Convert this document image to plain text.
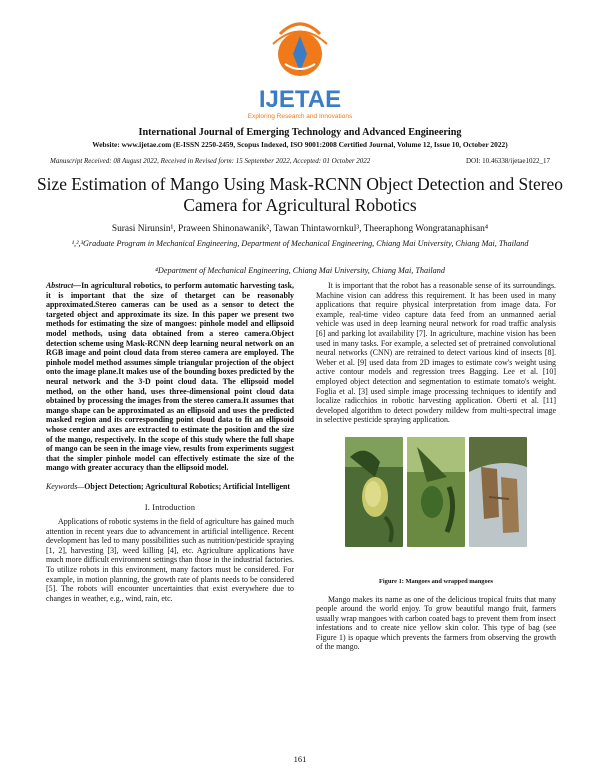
IJETAE
Exploring Research and Innovations
International Journal of Emerging Technology and Advanced Engineering
Website: www.ijetae.com (E-ISSN 2250-2459, Scopus Indexed, ISO 9001:2008 Certified Journal, Volume 12, Issue 10, October 2022)
Manuscript Received: 08 August 2022, Received in Revised form: 15 September 2022, Accepted: 01 October 2022	DOI: 10.46338/ijetae1022_17
Size Estimation of Mango Using Mask-RCNN Object Detection and Stereo Camera for Agricultural Robotics
Surasi Nirunsin¹, Praween Shinonawanik², Tawan Thintawornkul³, Theeraphong Wongratanaphisan⁴
¹,²,³Graduate Program in Mechanical Engineering, Department of Mechanical Engineering, Chiang Mai University, Chiang Mai, Thailand
⁴Department of Mechanical Engineering, Chiang Mai University, Chiang Mai, Thailand
Abstract—In agricultural robotics, to perform automatic harvesting task, it is important that the size of thetarget can be reasonably approximated.Stereo cameras can be used as a sensor to detect the targeted object and approximate its size. In this paper we present two methods for estimating the size of mangoes: pinhole model and ellipsoid model methods, using data obtained from a stereo camera.Object detection scheme using Mask-RCNN deep learning neural network on an RGB image and point cloud data from stereo camera are employed. The pinhole model method assumes simple triangular projection of the object onto the image plane.It makes use of the bounding boxes predicted by the neural network and the 3-D point cloud data. The ellipsoid model method, on the other hand, uses three-dimensional point cloud data obtained by processing the images from the stereo camera.It assumes that mango shape can be approximated as an ellipsoid and uses the predicted masked region and its corresponding point cloud data to fit an ellipsoid whose center and axes are extracted to estimate the position and the size of the mango, respectively. In the scope of this study where the full shape of mango can be seen in the image view, results from experiments suggest that the simpler pinhole model can effectively estimate the size of the mango with greater accuracy than the ellipsoid model.
Keywords—Object Detection; Agricultural Robotics; Artificial Intelligent
I. Introduction

Applications of robotic systems in the field of agriculture has gained much attention in recent years due to advancement in artificial intelligence. Recent development has led to many possibilities such as nutrition/pesticide spraying [1, 2], harvesting [3], weed killing [4], etc. Agriculture applications have much more difficult environment settings than those in the industrial factories. To utilize robots in this environment, many factors must be considered. For example, in motion planning, the growth rate of plants needs to be considered [5]. The robots will encounter uncertainties that exist everywhere due to changes in weather, e.g., wind, rain, etc.

It is important that the robot has a reasonable sense of its surroundings. Machine vision can address this requirement. It has been used in many applications that require physical interpretation from image data. For example, real-time video capture data feed from an unmanned aerial vehicle was used in deep learning neural network for road traffic analysis [6] and parking lot availability [7]. In agriculture, machine vision has been used in many tasks. For example, a selected set of pretrained convolutional neural networks (CNN) are retrained to detect various kind of insects [8]. Weber et al. [9] used data from 2D images to estimate cow's weight using active contour models and regression trees Bagging. Lee et al. [10] employed object detection and segmentation to estimate tomato's weight. Foglia et al. [3] used simple image processing techniques to identify and localize radicchios in robotic harvesting application. Oberti et al. [11] developed algorithm to detect powdery mildew from multi-spectral image in selective pesticide spraying application.

Figure 1: Mangoes and wrapped mangoes

Mango makes its name as one of the delicious tropical fruits that many people around the world enjoy. To grow beautiful mango fruit, farmers usually wrap mangoes with carbon coated bags to prevent them from insect infestations and to create nice yellow skin color. This type of bag (see Figure 1) is opaque which prevents the farmers from observing the growth of the mango.

161
